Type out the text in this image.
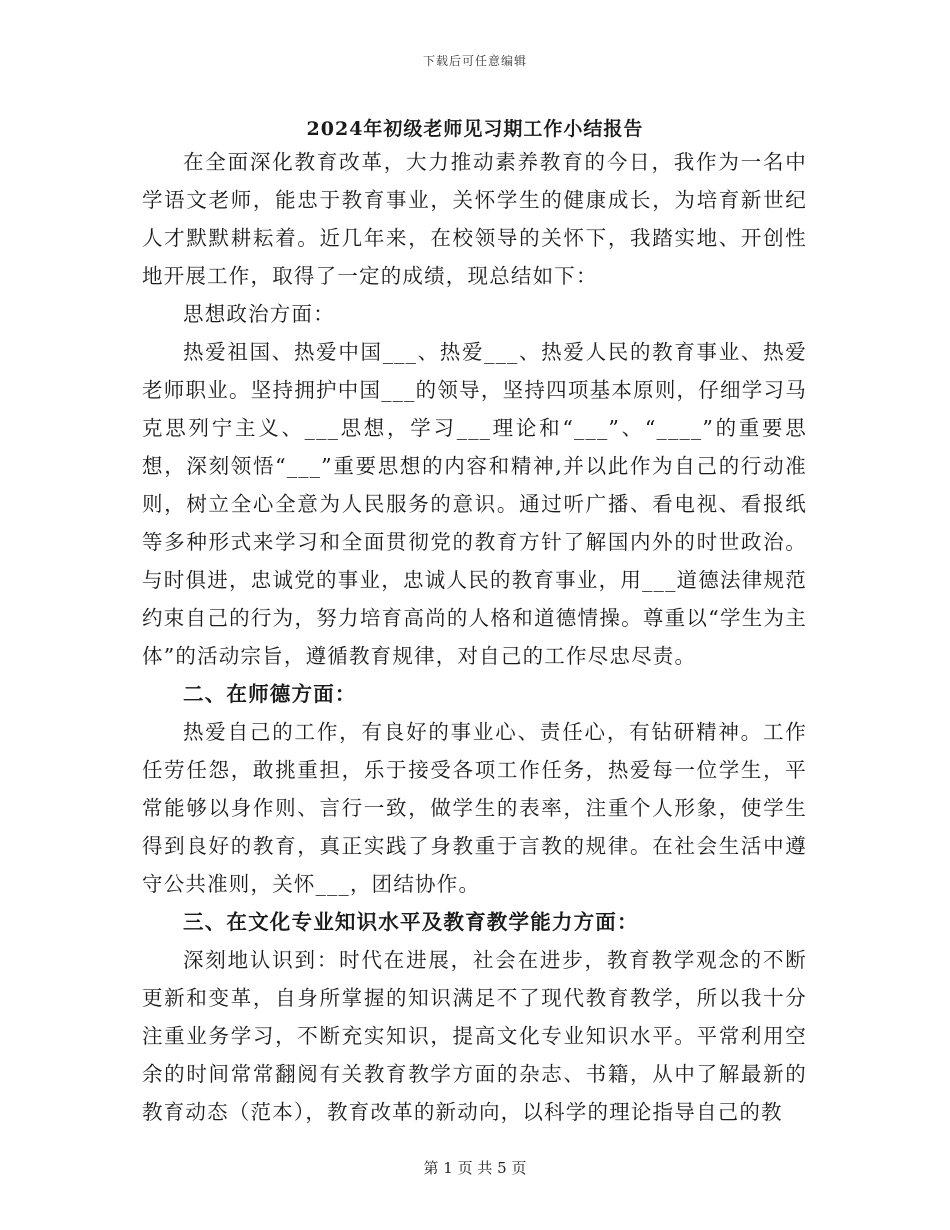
下载后可任意编辑
2024年初级老师见习期工作小结报告

在全面深化教育改革，大力推动素养教育的今日，我作为一名中学语文老师，能忠于教育事业，关怀学生的健康成长，为培育新世纪人才默默耕耘着。近几年来，在校领导的关怀下，我踏实地、开创性地开展工作，取得了一定的成绩，现总结如下：

思想政治方面：

热爱祖国、热爱中国___、热爱___、热爱人民的教育事业、热爱老师职业。坚持拥护中国___的领导，坚持四项基本原则，仔细学习马克思列宁主义、___思想，学习___理论和“___”、“____”的重要思想，深刻领悟“___”重要思想的内容和精神,并以此作为自己的行动准则，树立全心全意为人民服务的意识。通过听广播、看电视、看报纸等多种形式来学习和全面贯彻党的教育方针了解国内外的时世政治。与时俱进，忠诚党的事业，忠诚人民的教育事业，用___道德法律规范约束自己的行为，努力培育高尚的人格和道德情操。尊重以“学生为主体”的活动宗旨，遵循教育规律，对自己的工作尽忠尽责。

二、在师德方面：

热爱自己的工作，有良好的事业心、责任心，有钻研精神。工作任劳任怨，敢挑重担，乐于接受各项工作任务，热爱每一位学生，平常能够以身作则、言行一致，做学生的表率，注重个人形象，使学生得到良好的教育，真正实践了身教重于言教的规律。在社会生活中遵守公共准则，关怀___，团结协作。

三、在文化专业知识水平及教育教学能力方面：

深刻地认识到：时代在进展，社会在进步，教育教学观念的不断更新和变革，自身所掌握的知识满足不了现代教育教学，所以我十分注重业务学习，不断充实知识，提高文化专业知识水平。平常利用空余的时间常常翻阅有关教育教学方面的杂志、书籍，从中了解最新的教育动态（范本），教育改革的新动向，以科学的理论指导自己的教

第 1 页 共 5 页
